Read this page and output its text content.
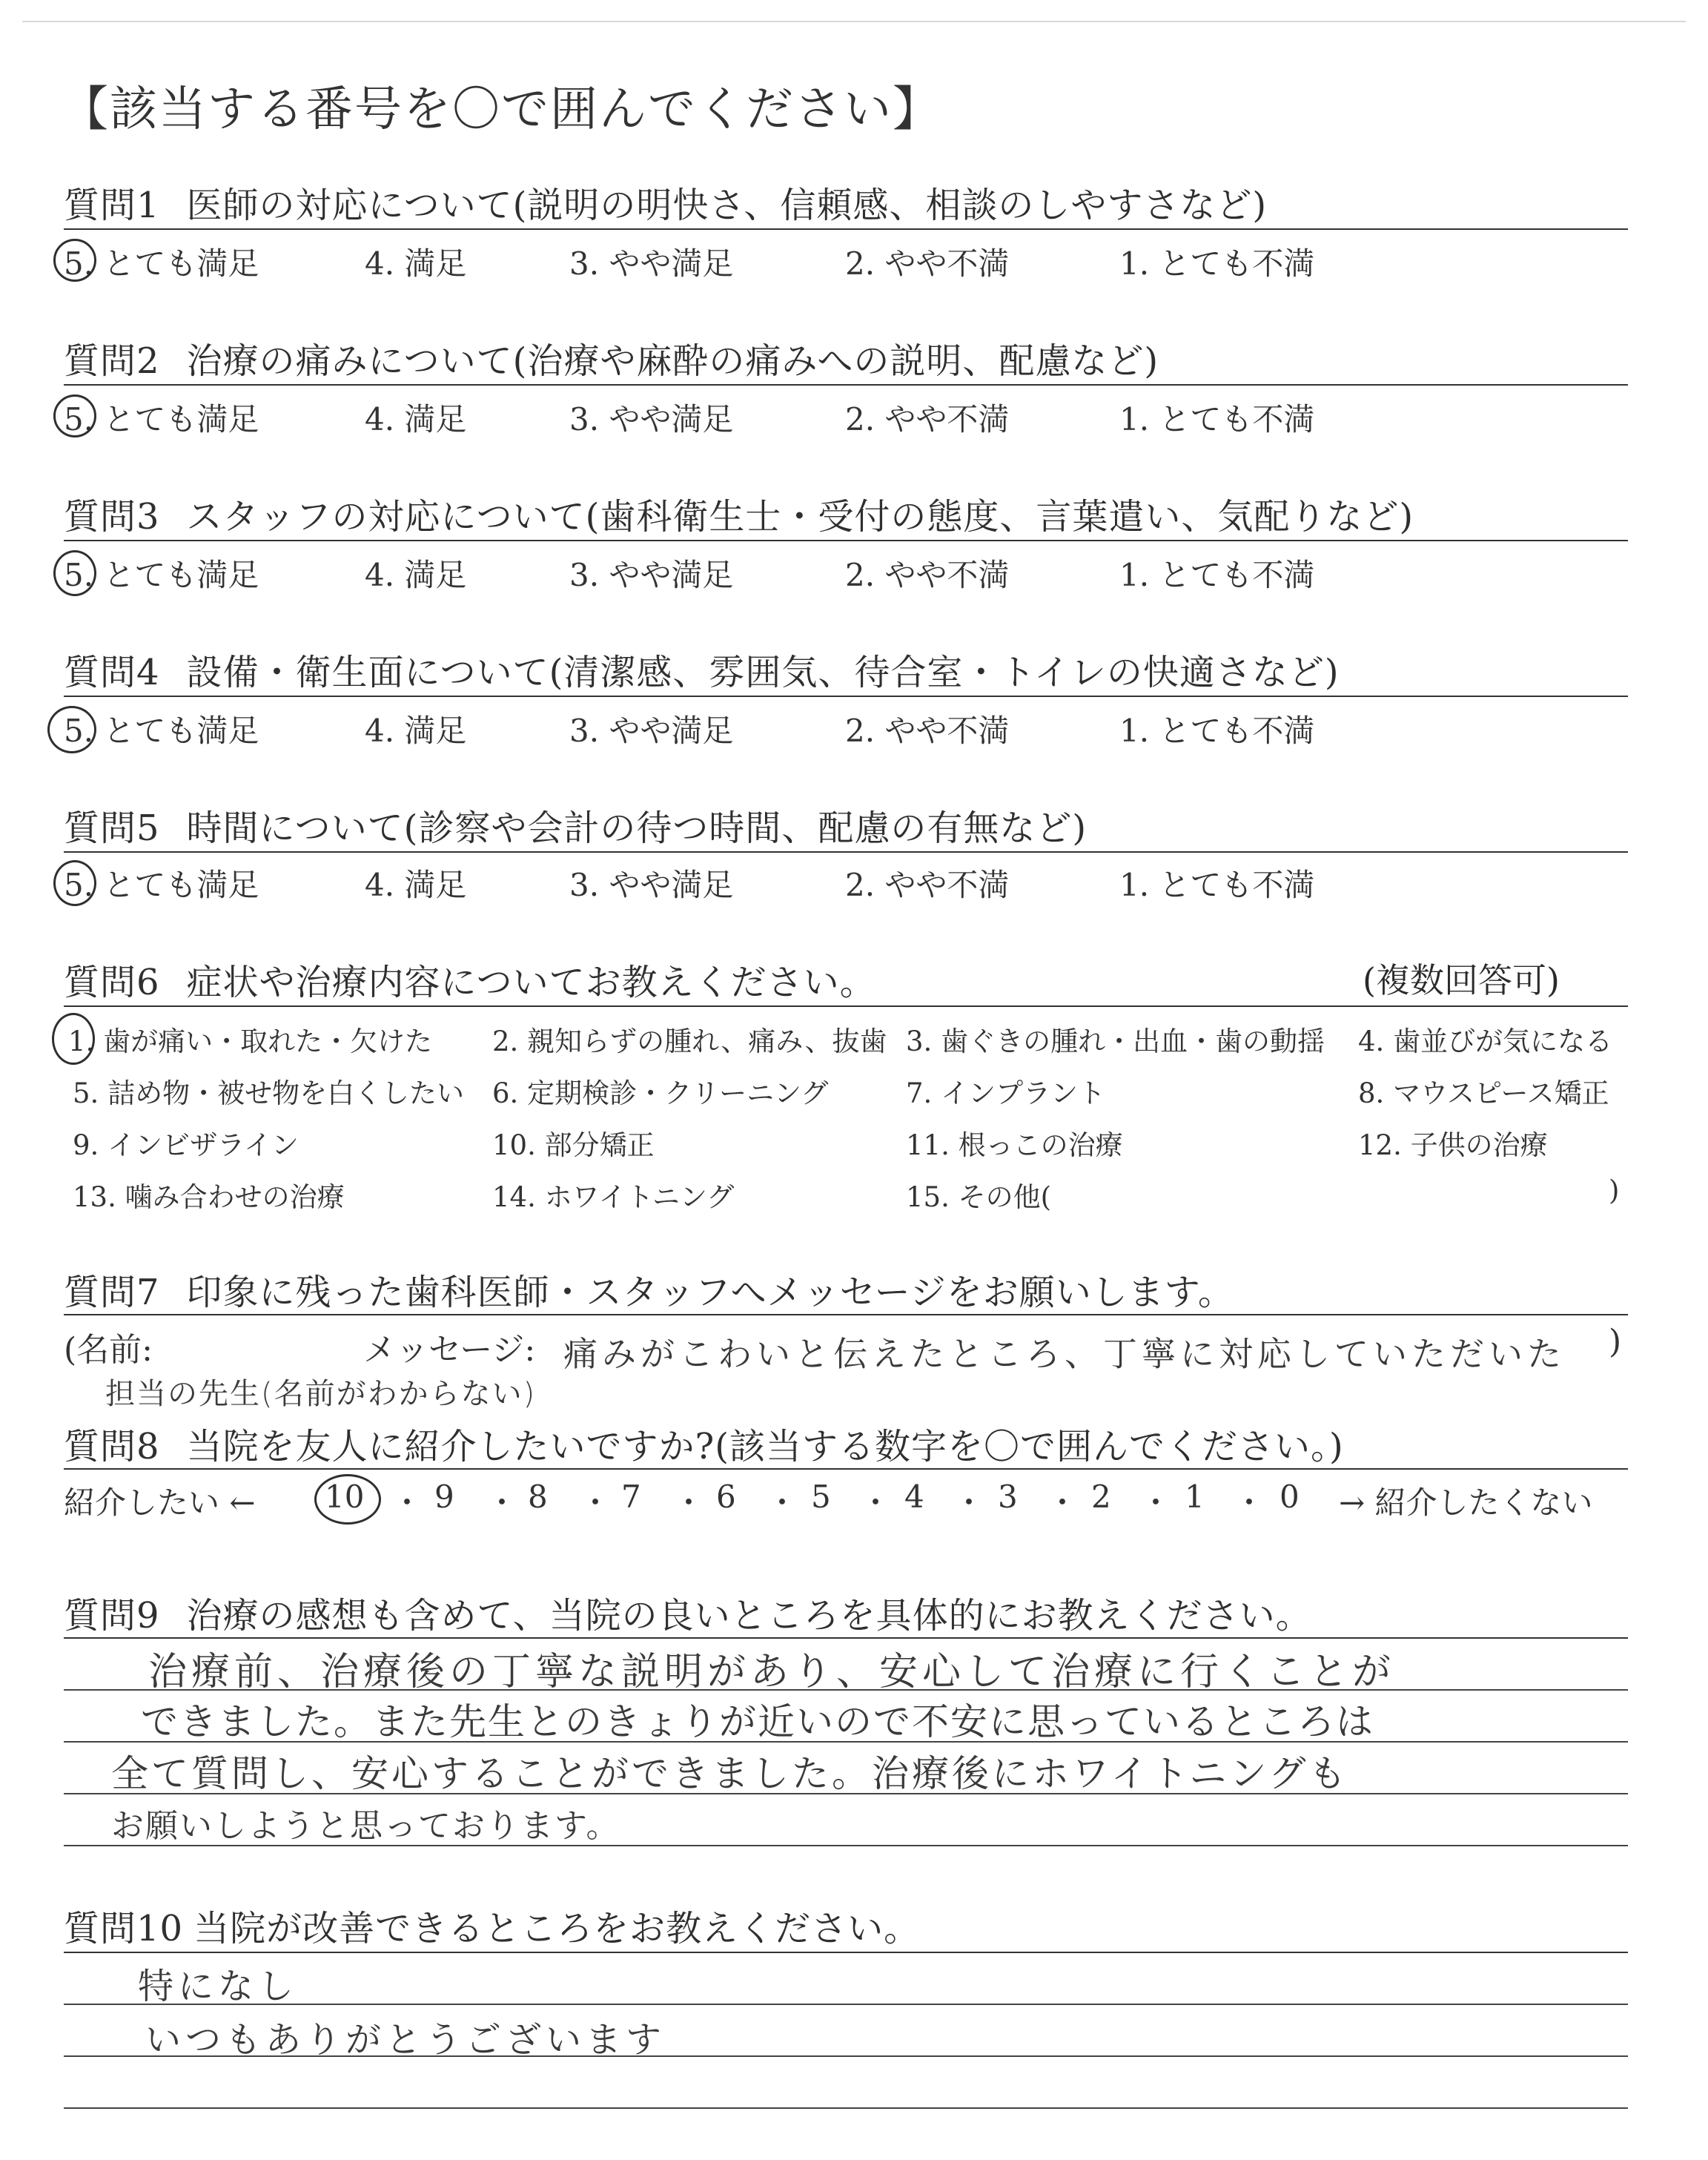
【該当する番号を〇で囲んでください】
質問1 医師の対応について(説明の明快さ、信頼感、相談のしやすさなど)
5. とても満足	4. 満足	3. やや満足	2. やや不満	1. とても不満
質問2 治療の痛みについて(治療や麻酔の痛みへの説明、配慮など)
5. とても満足	4. 満足	3. やや満足	2. やや不満	1. とても不満
質問3 スタッフの対応について(歯科衛生士・受付の態度、言葉遣い、気配りなど)
5. とても満足	4. 満足	3. やや満足	2. やや不満	1. とても不満
質問4 設備・衛生面について(清潔感、雰囲気、待合室・トイレの快適さなど)
5. とても満足	4. 満足	3. やや満足	2. やや不満	1. とても不満
質問5 時間について(診察や会計の待つ時間、配慮の有無など)
5. とても満足	4. 満足	3. やや満足	2. やや不満	1. とても不満
質問6 症状や治療内容についてお教えください。	(複数回答可)
1. 歯が痛い・取れた・欠けた 2. 親知らずの腫れ、痛み、抜歯 3. 歯ぐきの腫れ・出血・歯の動揺 4. 歯並びが気になる
5. 詰め物・被せ物を白くしたい 6. 定期検診・クリーニング	7. インプラント	8. マウスピース矯正
9. インビザライン	10. 部分矯正	11. 根っこの治療	12. 子供の治療
13. 噛み合わせの治療	14. ホワイトニング	15. その他(	)
質問7 印象に残った歯科医師・スタッフへメッセージをお願いします。
(名前:	メッセージ:	)
痛みがこわいと伝えたところ、丁寧に対応していただいた
担当の先生(名前がわからない)
質問8 当院を友人に紹介したいですか?(該当する数字を〇で囲んでください。)
紹介したい ← 10 ・ 9 ・ 8 ・ 7 ・ 6 ・ 5 ・ 4 ・ 3 ・ 2 ・ 1 ・ 0 → 紹介したくない
質問9 治療の感想も含めて、当院の良いところを具体的にお教えください。
治療前、治療後の丁寧な説明があり、安心して治療に行くことが
できました。また先生とのきょりが近いので不安に思っているところは
全て質問し、安心することができました。治療後にホワイトニングも
お願いしようと思っております。
質問10 当院が改善できるところをお教えください。
特になし
いつもありがとうございます
